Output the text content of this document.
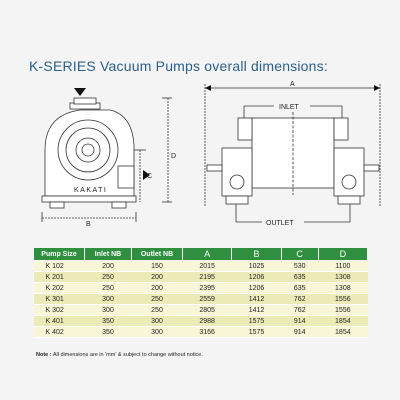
K-SERIES Vacuum Pumps overall dimensions:
KAKATI
B
D
C
A
INLET
OUTLET
Pump Size	Inlet NB	Outlet NB	A	B	C	D
K 102	200	150	2015	1025	530	1100
K 201	250	200	2195	1206	635	1308
K 202	250	200	2395	1206	635	1308
K 301	300	250	2559	1412	762	1556
K 302	300	250	2805	1412	762	1556
K 401	350	300	2988	1575	914	1854
K 402	350	300	3166	1575	914	1854
Note : All dimensions are in 'mm' & subject to change without notice.
